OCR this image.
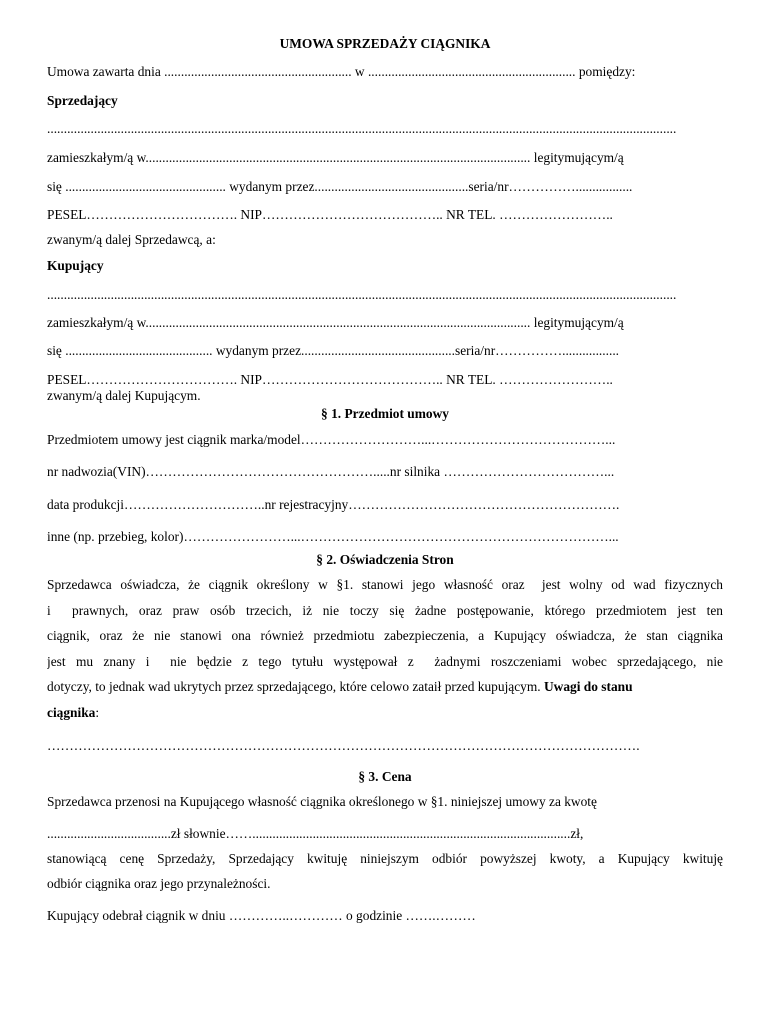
UMOWA SPRZEDAŻY CIĄGNIKA
Umowa zawarta dnia ........................................................ w .............................................................. pomiędzy:
Sprzedający
............................................................................................................................................................................................
zamieszkałym/ą w................................................................................................................... legitymującym/ą
się ................................................ wydanym przez..............................................seria/nr…………….................
PESEL……………………………. NIP………………………………….. NR TEL. ……………………..
zwanym/ą dalej Sprzedawcą, a:
Kupujący
............................................................................................................................................................................................
zamieszkałym/ą w................................................................................................................... legitymującym/ą
się ............................................ wydanym przez..............................................seria/nr…………….................
PESEL……………………………. NIP………………………………….. NR TEL. ……………………..
zwanym/ą dalej Kupującym.
§ 1. Przedmiot umowy
Przedmiotem umowy jest ciągnik marka/model………………………...…………………………………...
nr nadwozia(VIN)…………………………………………….....nr silnika ………………………………...
data produkcji…………………………..nr rejestracyjny…………………………………………………….
inne (np. przebieg, kolor)……………………...……………………………………………………………...
§ 2. Oświadczenia Stron
Sprzedawca oświadcza, że ciągnik określony w §1. stanowi jego własność oraz  jest wolny od wad fizycznych
i  prawnych, oraz praw osób trzecich, iż nie toczy się żadne postępowanie, którego przedmiotem jest ten
ciągnik, oraz że nie stanowi ona również przedmiotu zabezpieczenia, a Kupujący oświadcza, że stan ciągnika
jest mu znany i  nie będzie z tego tytułu występował z  żadnymi roszczeniami wobec sprzedającego, nie
dotyczy, to jednak wad ukrytych przez sprzedającego, które celowo zataił przed kupującym. Uwagi do stanu
ciągnika:
…………………………………………………………………………………………………………………….
§ 3. Cena
Sprzedawca przenosi na Kupującego własność ciągnika określonego w §1. niniejszej umowy za kwotę
.....................................zł słownie……...............................................................................................zł,
stanowiącą cenę Sprzedaży, Sprzedający kwituję niniejszym odbiór powyższej kwoty, a Kupujący kwituję
odbiór ciągnika oraz jego przynależności.
Kupujący odebrał ciągnik w dniu …………..………… o godzinie …….………
